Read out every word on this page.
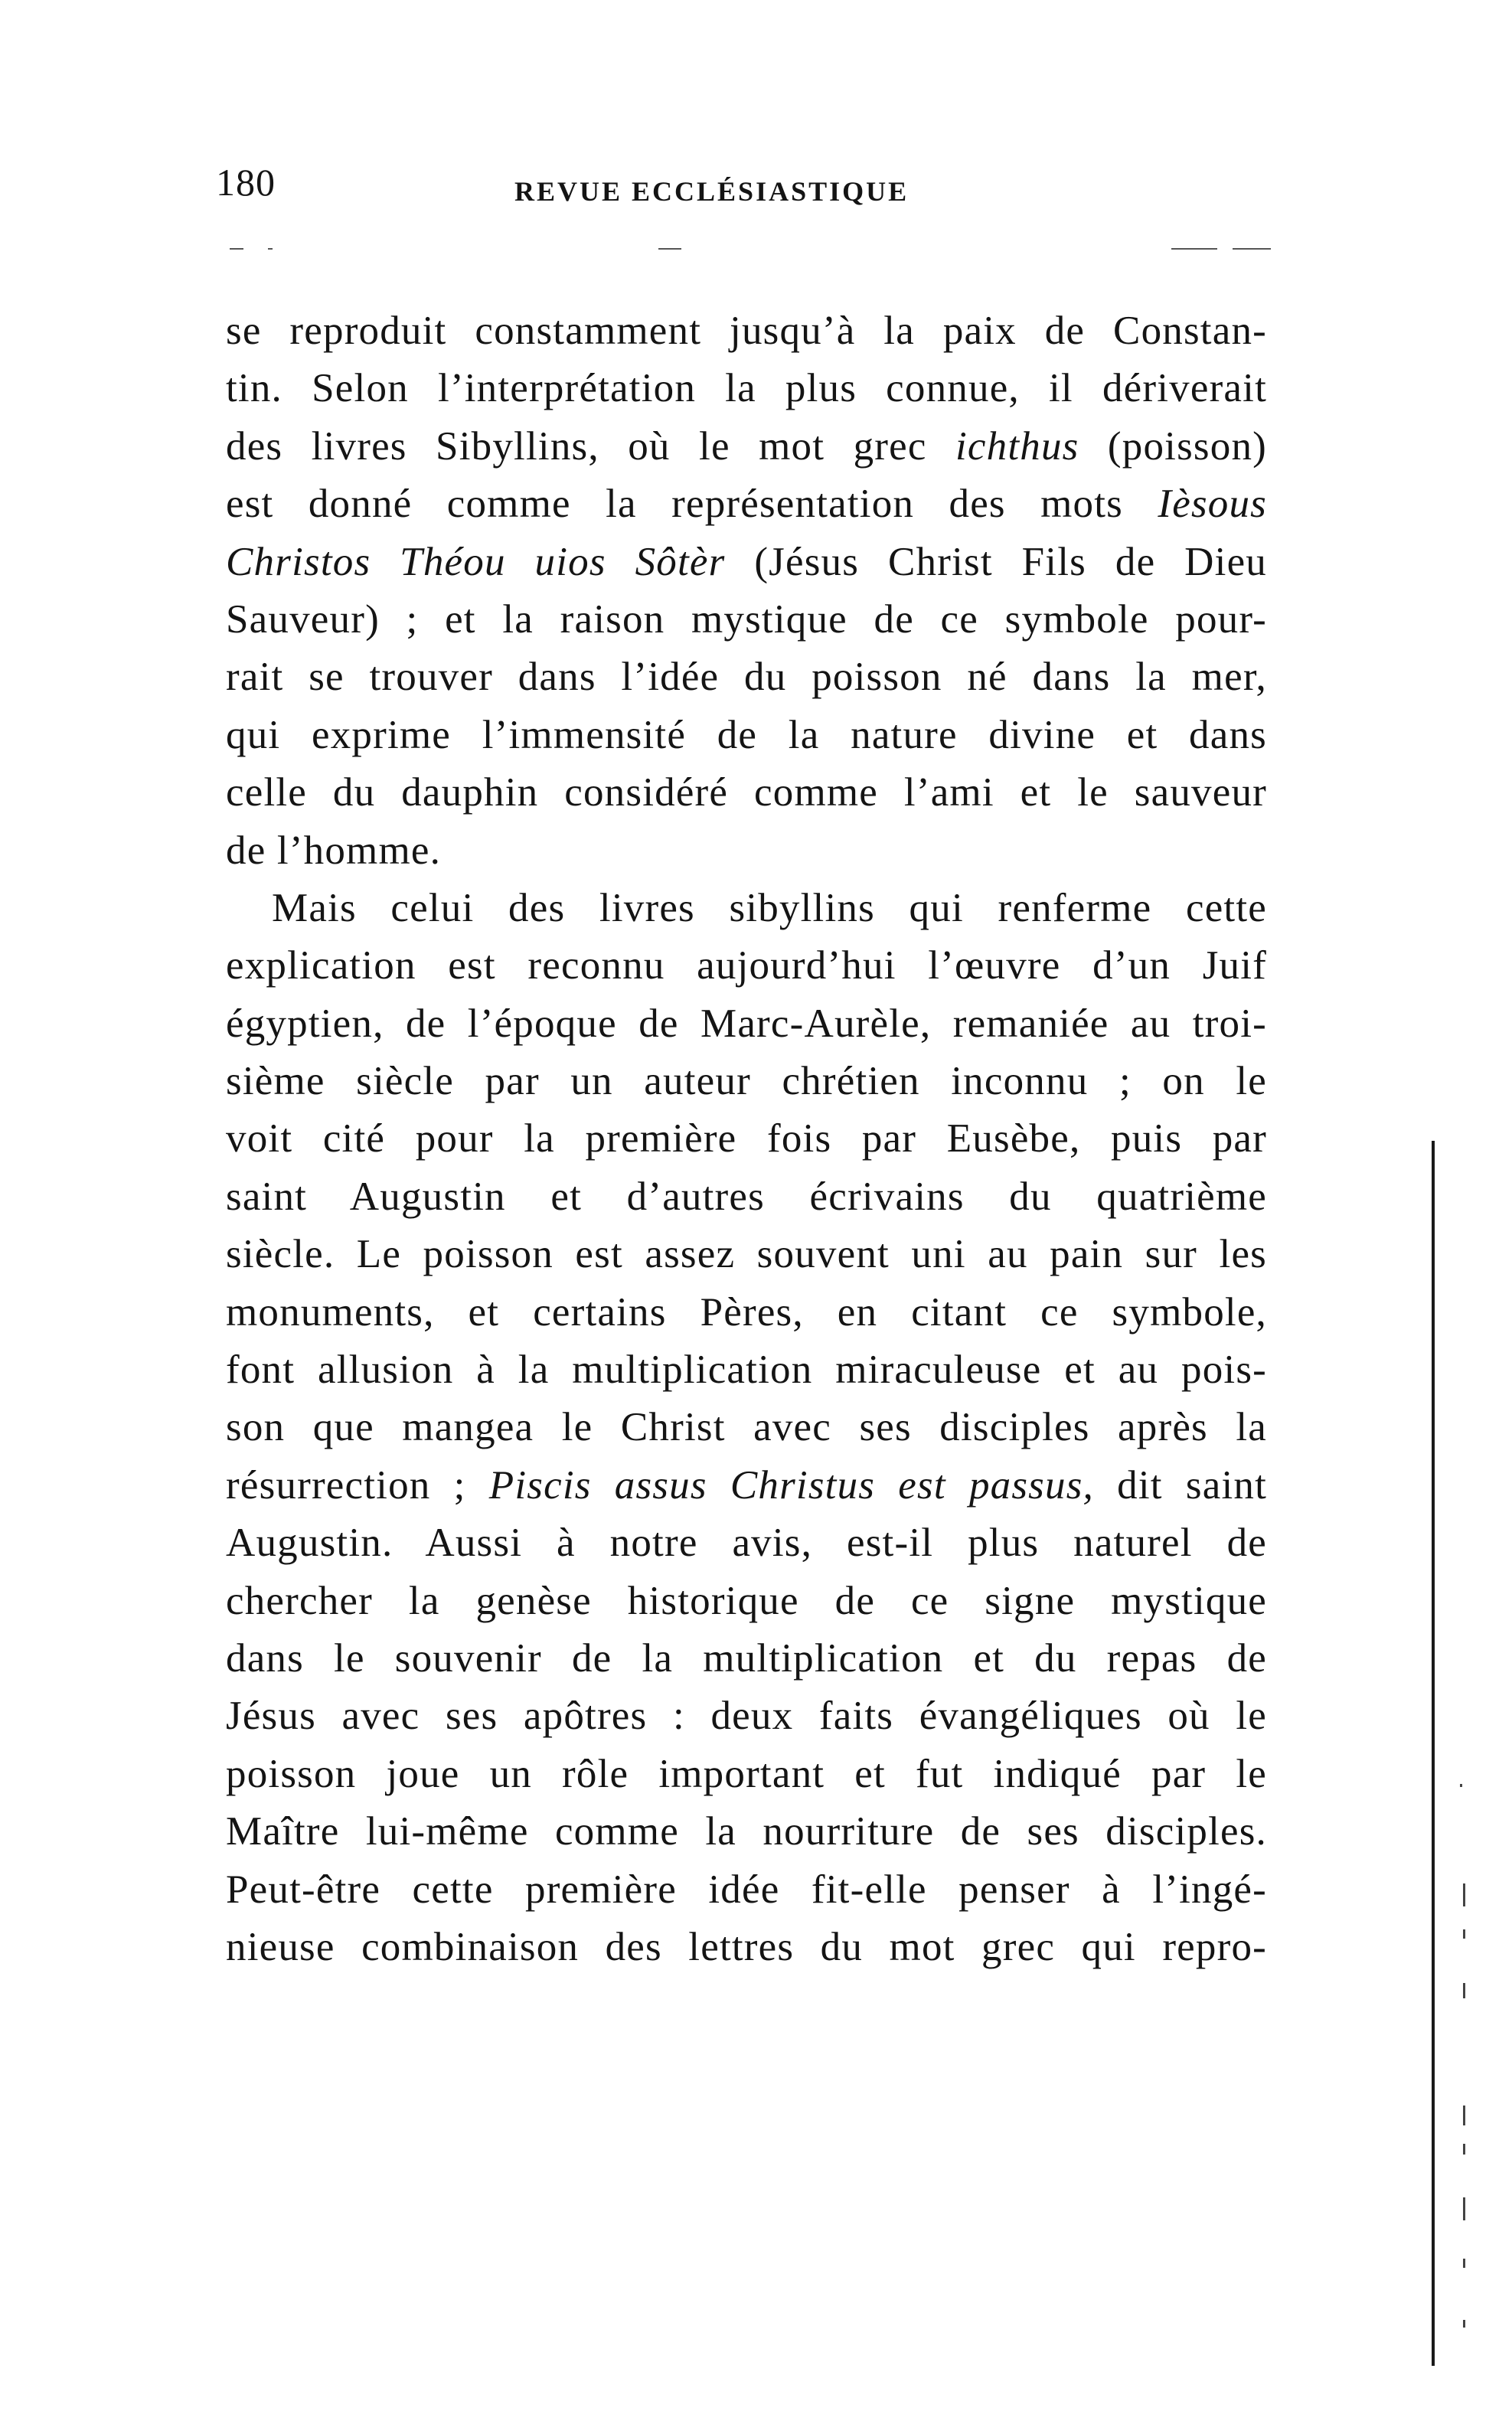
180	REVUE ECCLÉSIASTIQUE
se reproduit constamment jusqu’à la paix de Constan-
tin. Selon l’interprétation la plus connue, il dériverait
des livres Sibyllins, où le mot grec ichthus (poisson)
est donné comme la représentation des mots Ièsous
Christos Théou uios Sôtèr (Jésus Christ Fils de Dieu
Sauveur) ; et la raison mystique de ce symbole pour-
rait se trouver dans l’idée du poisson né dans la mer,
qui exprime l’immensité de la nature divine et dans
celle du dauphin considéré comme l’ami et le sauveur
de l’homme.
Mais celui des livres sibyllins qui renferme cette
explication est reconnu aujourd’hui l’œuvre d’un Juif
égyptien, de l’époque de Marc-Aurèle, remaniée au troi-
sième siècle par un auteur chrétien inconnu ; on le
voit cité pour la première fois par Eusèbe, puis par
saint Augustin et d’autres écrivains du quatrième
siècle. Le poisson est assez souvent uni au pain sur les
monuments, et certains Pères, en citant ce symbole,
font allusion à la multiplication miraculeuse et au pois-
son que mangea le Christ avec ses disciples après la
résurrection ; Piscis assus Christus est passus, dit saint
Augustin. Aussi à notre avis, est-il plus naturel de
chercher la genèse historique de ce signe mystique
dans le souvenir de la multiplication et du repas de
Jésus avec ses apôtres : deux faits évangéliques où le
poisson joue un rôle important et fut indiqué par le
Maître lui-même comme la nourriture de ses disciples.
Peut-être cette première idée fit-elle penser à l’ingé-
nieuse combinaison des lettres du mot grec qui repro-
